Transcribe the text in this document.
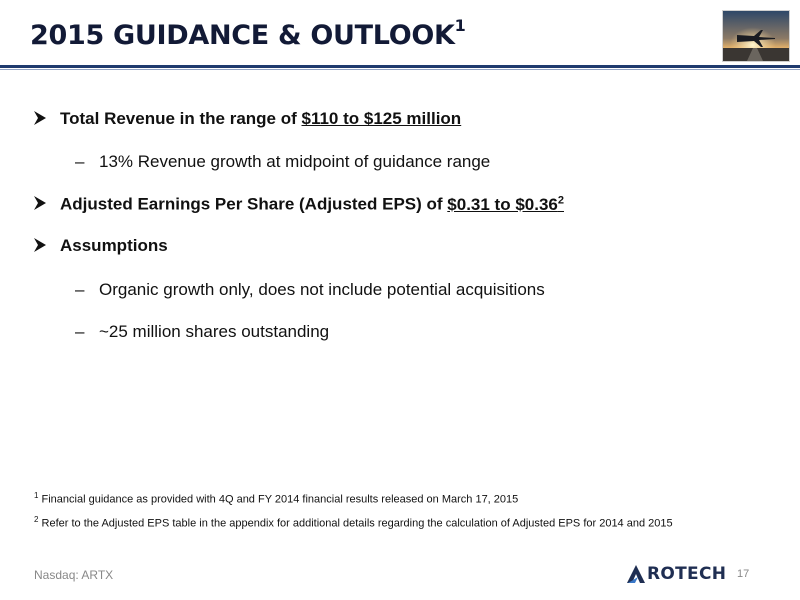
2015 GUIDANCE & OUTLOOK$^1$
Total Revenue in the range of $110 to $125 million
– 13% Revenue growth at midpoint of guidance range
Adjusted Earnings Per Share (Adjusted EPS) of $0.31 to $0.36$^2$
Assumptions
– Organic growth only, does not include potential acquisitions
– ~25 million shares outstanding
$^1$ Financial guidance as provided with 4Q and FY 2014 financial results released on March 17, 2015
$^2$ Refer to the Adjusted EPS table in the appendix for additional details regarding the calculation of Adjusted EPS for 2014 and 2015
Nasdaq: ARTX	ROTECH 17
